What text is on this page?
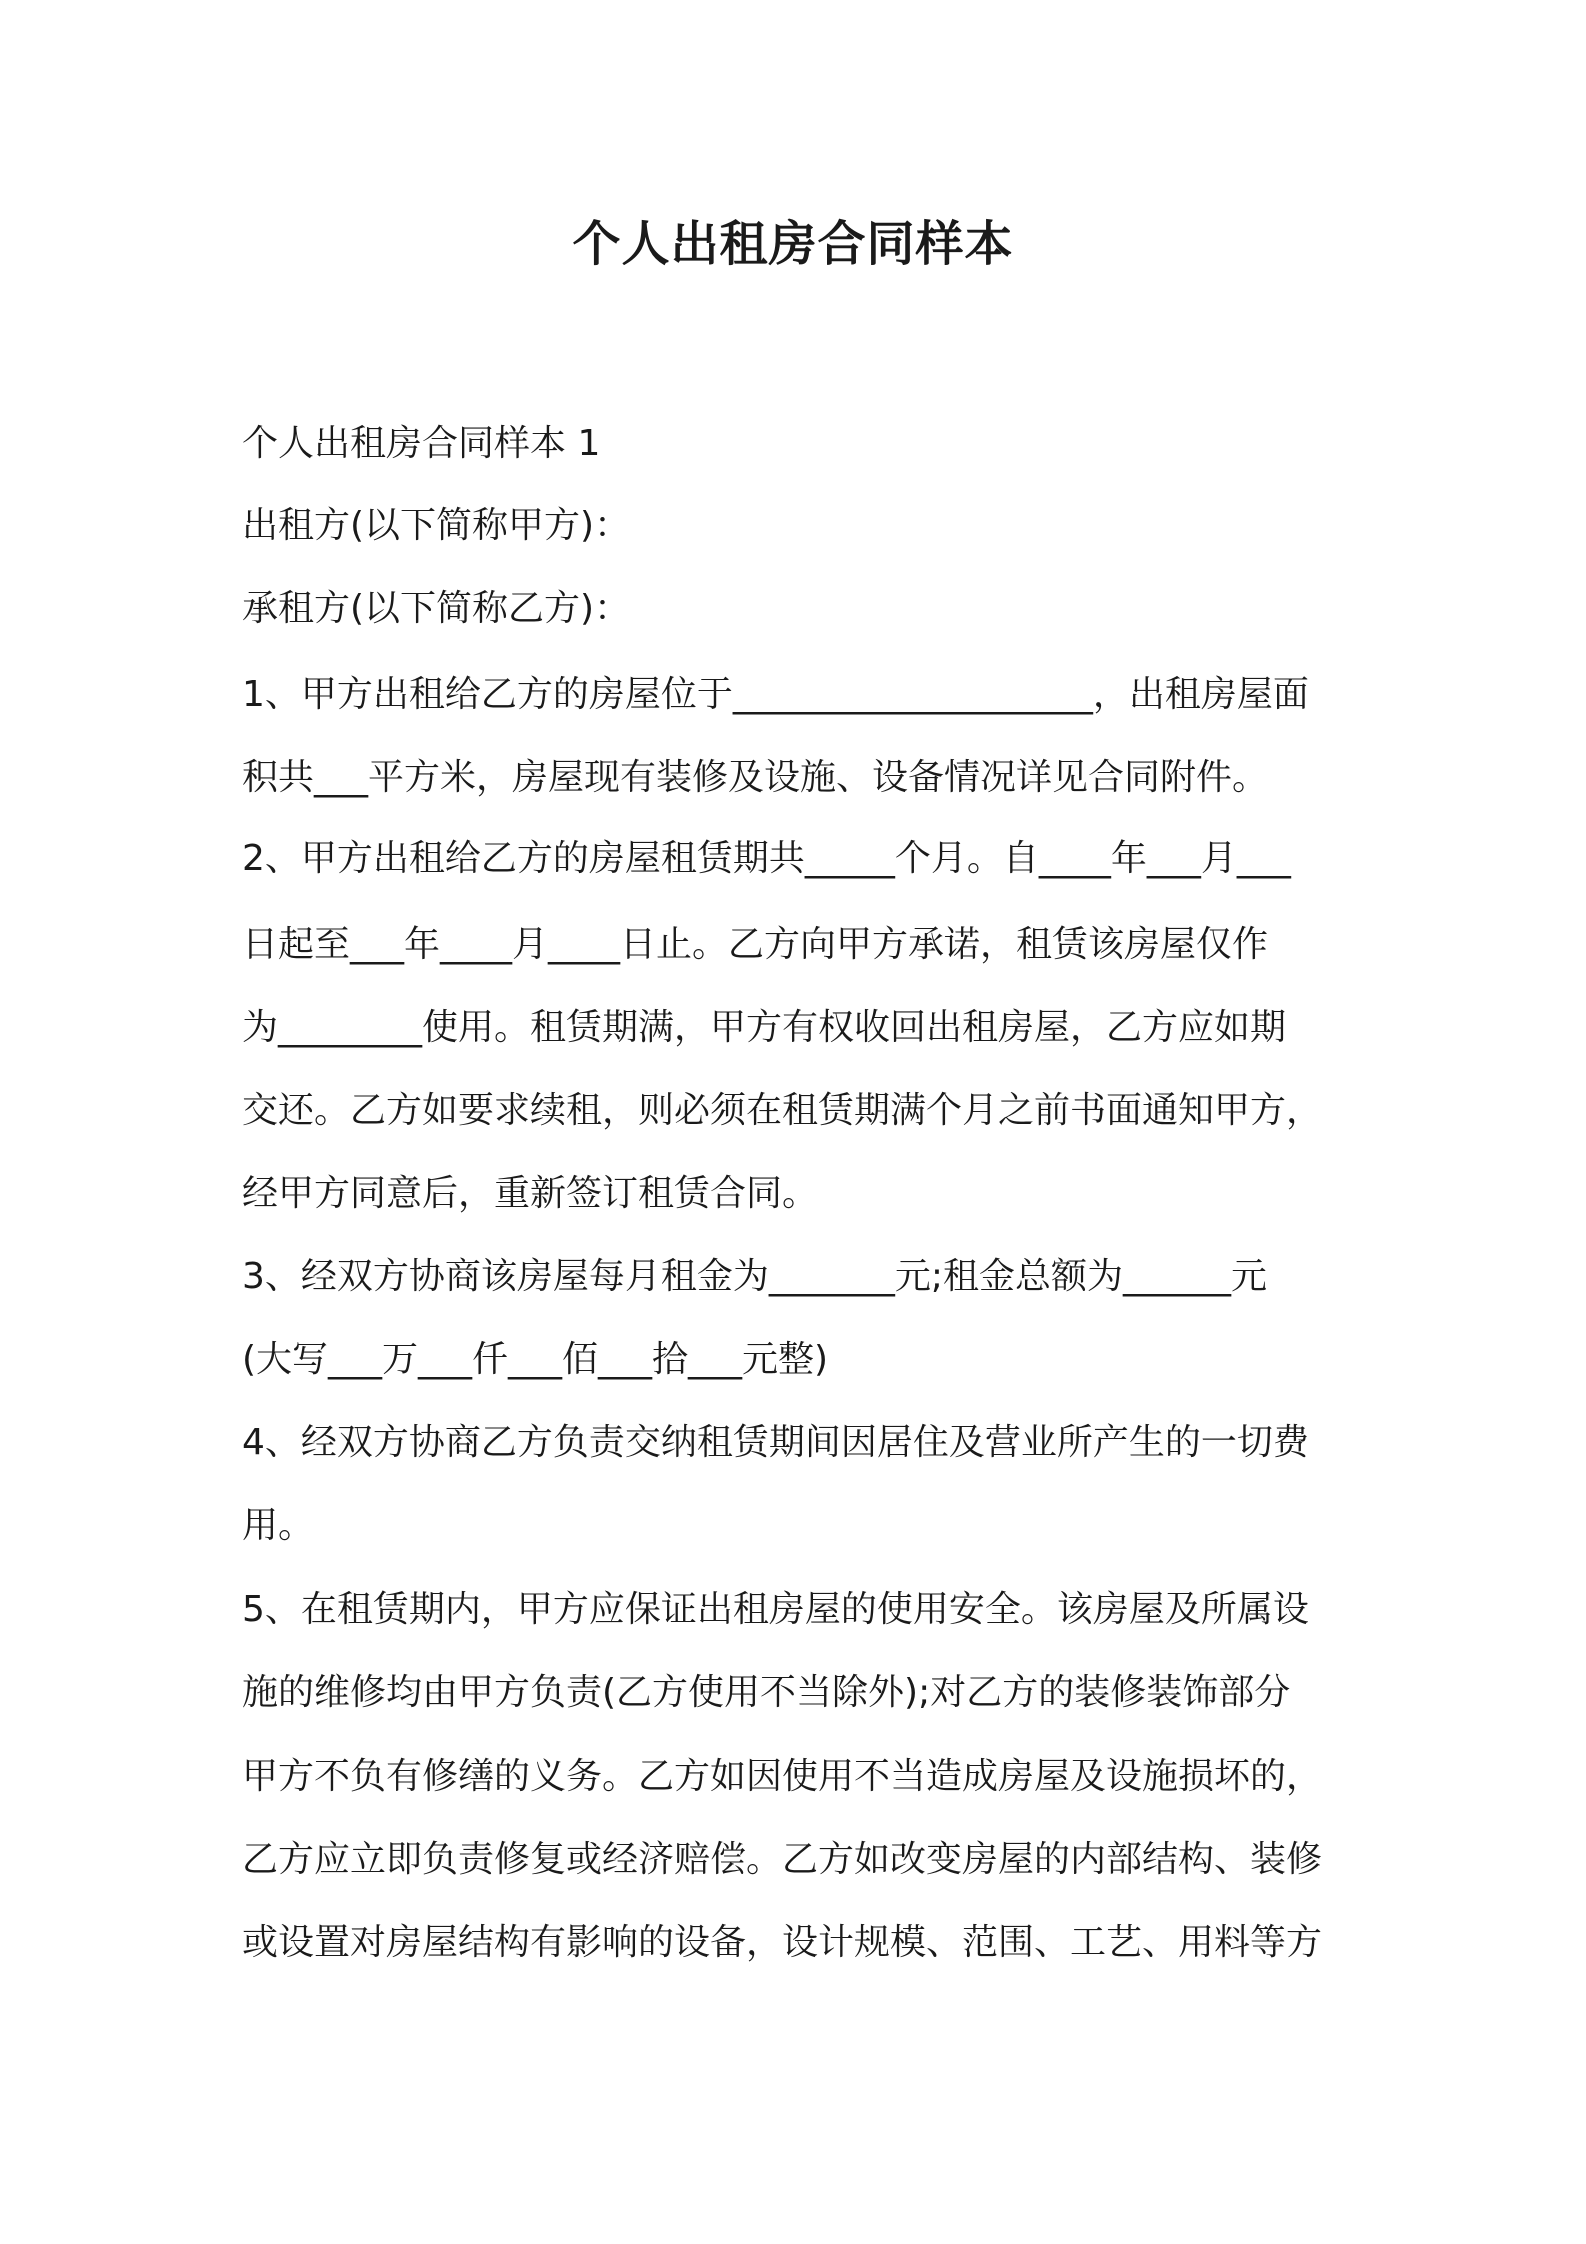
个人出租房合同样本
个人出租房合同样本 1
出租方(以下简称甲方)：
承租方(以下简称乙方)：
1、甲方出租给乙方的房屋位于____________________，出租房屋面
积共___平方米，房屋现有装修及设施、设备情况详见合同附件。
2、甲方出租给乙方的房屋租赁期共_____个月。自____年___月___
日起至___年____月____日止。乙方向甲方承诺，租赁该房屋仅作
为________使用。租赁期满，甲方有权收回出租房屋，乙方应如期
交还。乙方如要求续租，则必须在租赁期满个月之前书面通知甲方，
经甲方同意后，重新签订租赁合同。
3、经双方协商该房屋每月租金为_______元;租金总额为______元
(大写___万___仟___佰___拾___元整)
4、经双方协商乙方负责交纳租赁期间因居住及营业所产生的一切费
用。
5、在租赁期内，甲方应保证出租房屋的使用安全。该房屋及所属设
施的维修均由甲方负责(乙方使用不当除外);对乙方的装修装饰部分
甲方不负有修缮的义务。乙方如因使用不当造成房屋及设施损坏的，
乙方应立即负责修复或经济赔偿。乙方如改变房屋的内部结构、装修
或设置对房屋结构有影响的设备，设计规模、范围、工艺、用料等方
